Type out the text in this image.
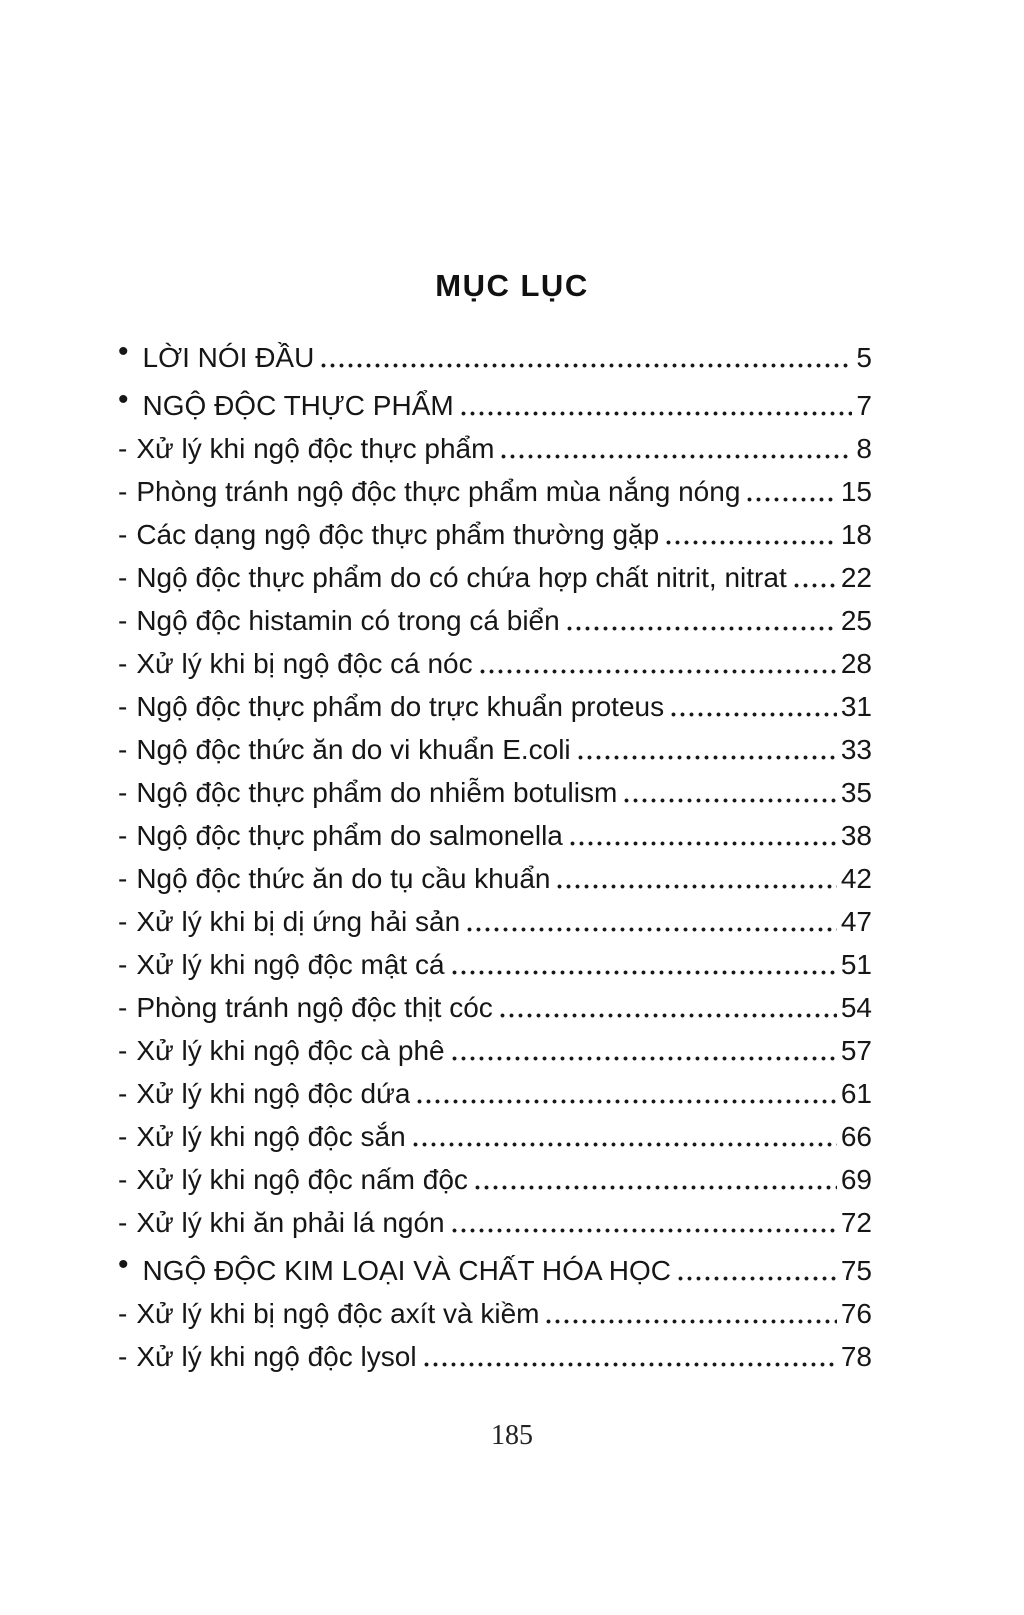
MỤC LỤC
• LỜI NÓI ĐẦU	5
• NGỘ ĐỘC THỰC PHẨM	7
- Xử lý khi ngộ độc thực phẩm	8
- Phòng tránh ngộ độc thực phẩm mùa nắng nóng	15
- Các dạng ngộ độc thực phẩm thường gặp	18
- Ngộ độc thực phẩm do có chứa hợp chất nitrit, nitrat 22
- Ngộ độc histamin có trong cá biển	25
- Xử lý khi bị ngộ độc cá nóc	28
- Ngộ độc thực phẩm do trực khuẩn proteus	31
- Ngộ độc thức ăn do vi khuẩn E.coli	33
- Ngộ độc thực phẩm do nhiễm botulism	35
- Ngộ độc thực phẩm do salmonella	38
- Ngộ độc thức ăn do tụ cầu khuẩn	42
- Xử lý khi bị dị ứng hải sản	47
- Xử lý khi ngộ độc mật cá	51
- Phòng tránh ngộ độc thịt cóc	54
- Xử lý khi ngộ độc cà phê	57
- Xử lý khi ngộ độc dứa	61
- Xử lý khi ngộ độc sắn	66
- Xử lý khi ngộ độc nấm độc	69
- Xử lý khi ăn phải lá ngón	72
• NGỘ ĐỘC KIM LOẠI VÀ CHẤT HÓA HỌC	75
- Xử lý khi bị ngộ độc axít và kiềm	76
- Xử lý khi ngộ độc lysol	78
185
